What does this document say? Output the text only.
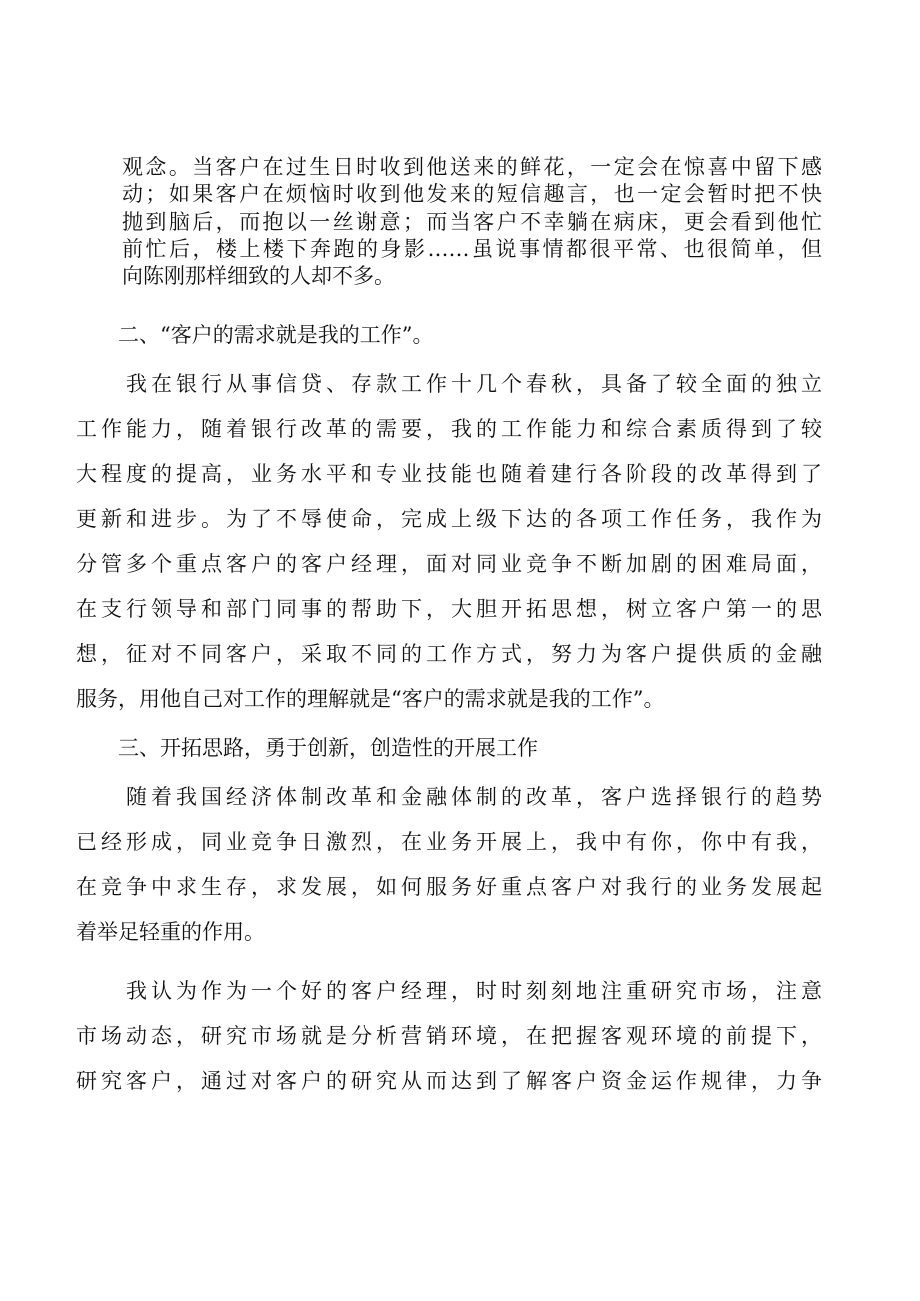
观念。当客户在过生日时收到他送来的鲜花，一定会在惊喜中留下感
动；如果客户在烦恼时收到他发来的短信趣言，也一定会暂时把不快
抛到脑后，而抱以一丝谢意；而当客户不幸躺在病床，更会看到他忙
前忙后，楼上楼下奔跑的身影……虽说事情都很平常、也很简单，但
向陈刚那样细致的人却不多。
　　二、“客户的需求就是我的工作”。
　　我在银行从事信贷、存款工作十几个春秋，具备了较全面的独立
工作能力，随着银行改革的需要，我的工作能力和综合素质得到了较
大程度的提高，业务水平和专业技能也随着建行各阶段的改革得到了
更新和进步。为了不辱使命，完成上级下达的各项工作任务，我作为
分管多个重点客户的客户经理，面对同业竞争不断加剧的困难局面，
在支行领导和部门同事的帮助下，大胆开拓思想，树立客户第一的思
想，征对不同客户，采取不同的工作方式，努力为客户提供质的金融
服务，用他自己对工作的理解就是“客户的需求就是我的工作”。
　　三、开拓思路，勇于创新，创造性的开展工作
　　随着我国经济体制改革和金融体制的改革，客户选择银行的趋势
已经形成，同业竞争日激烈，在业务开展上，我中有你，你中有我，
在竞争中求生存，求发展，如何服务好重点客户对我行的业务发展起
着举足轻重的作用。
　　我认为作为一个好的客户经理，时时刻刻地注重研究市场，注意
市场动态，研究市场就是分析营销环境，在把握客观环境的前提下，
研究客户，通过对客户的研究从而达到了解客户资金运作规律，力争
